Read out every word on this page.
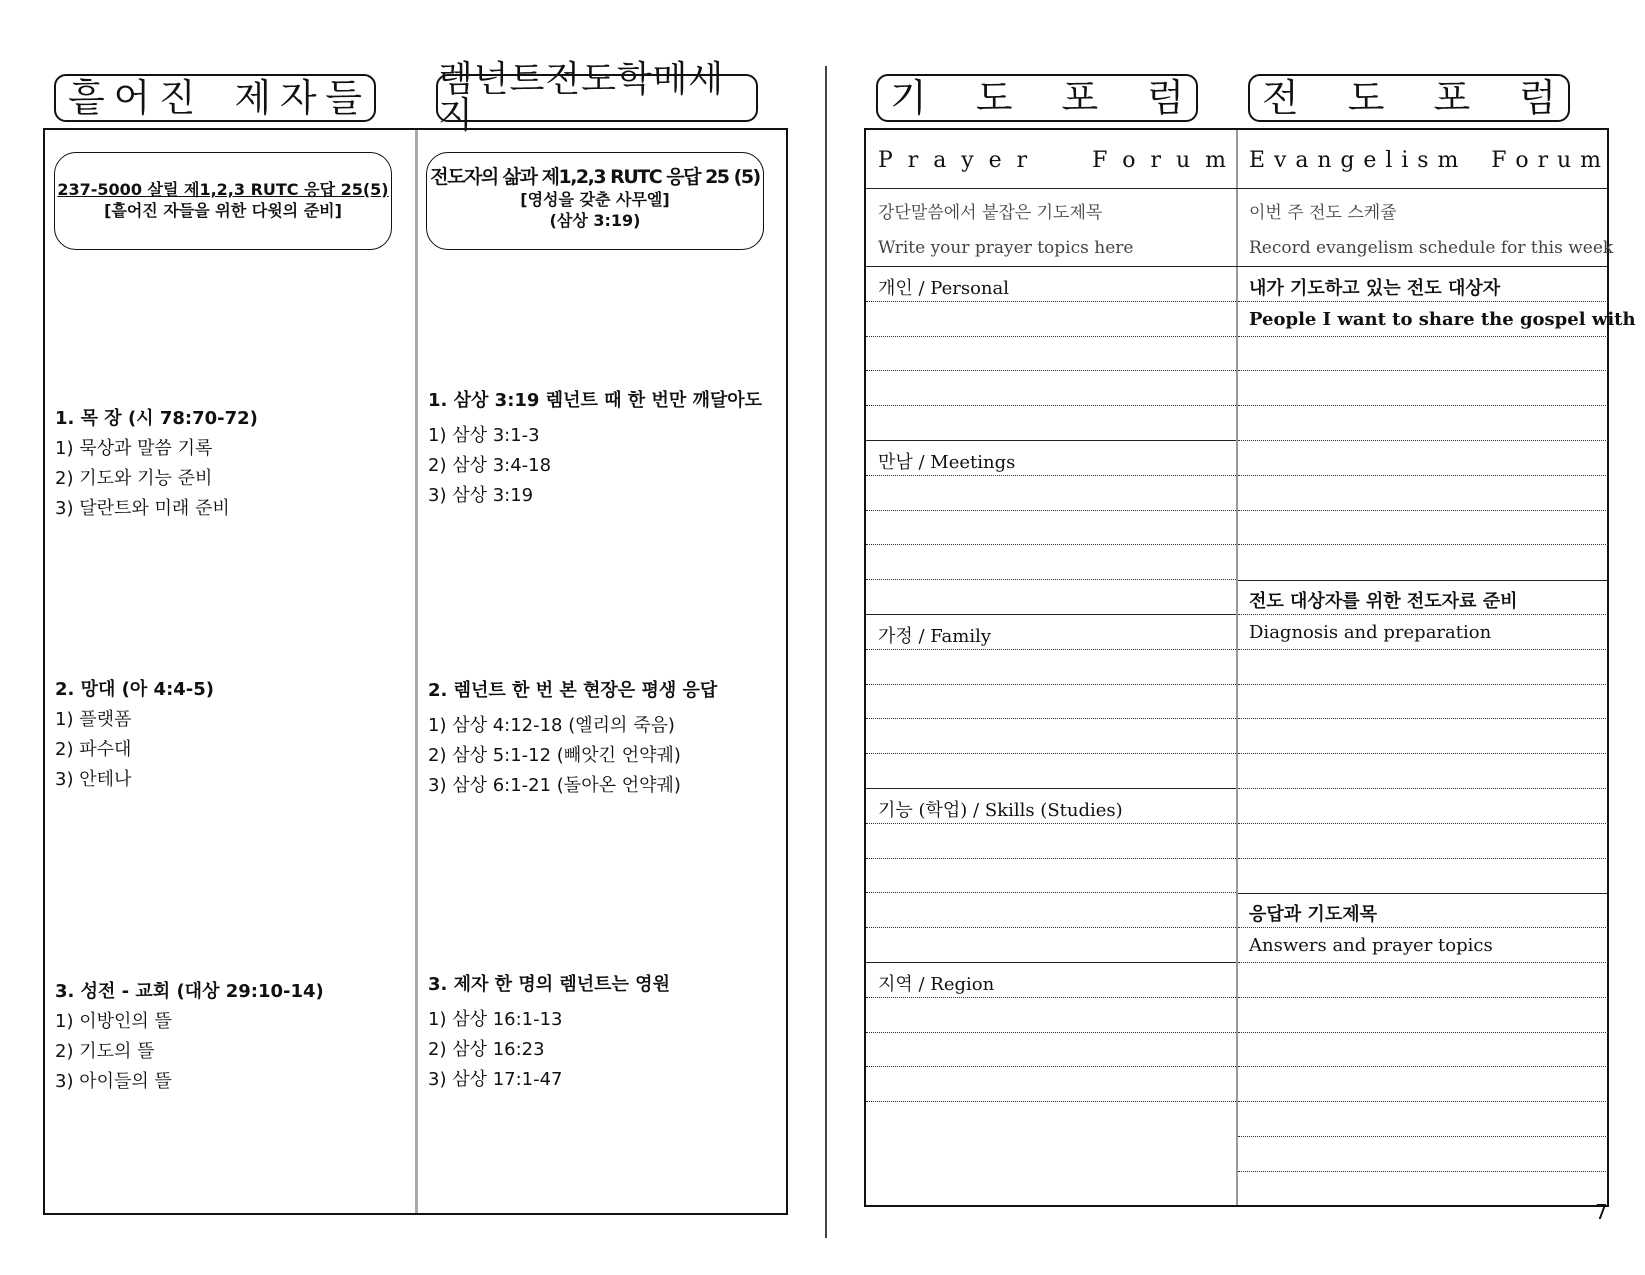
흩 어 진 제 자 들 렘넌트전도학메세지
237-5000 살릴 제1,2,3 RUTC 응답 25(5)
[흩어진 자들을 위한 다윗의 준비]
1. 목 장 (시 78:70-72)
1) 묵상과 말씀 기록
2) 기도와 기능 준비
3) 달란트와 미래 준비
2. 망대 (아 4:4-5)
1) 플랫폼
2) 파수대
3) 안테나
3. 성전 - 교회 (대상 29:10-14)
1) 이방인의 뜰
2) 기도의 뜰
3) 아이들의 뜰
전도자의 삶과 제1,2,3 RUTC 응답 25 (5)
[영성을 갖춘 사무엘]
(삼상 3:19)
1. 삼상 3:19 렘넌트 때 한 번만 깨달아도
1) 삼상 3:1-3
2) 삼상 3:4-18
3) 삼상 3:19
2. 렘넌트 한 번 본 현장은 평생 응답
1) 삼상 4:12-18 (엘리의 죽음)
2) 삼상 5:1-12 (빼앗긴 언약궤)
3) 삼상 6:1-21 (돌아온 언약궤)
3. 제자 한 명의 렘넌트는 영원
1) 삼상 16:1-13
2) 삼상 16:23
3) 삼상 17:1-47
기 도 포 럼 전 도 포 럼
P r a y e r	F o r u m E v a n g e l i s m F o r u m
강단말씀에서 붙잡은 기도제목
Write your prayer topics here
이번 주 전도 스케쥴
Record evangelism schedule for this week
개인 / Personal
만남 / Meetings
가정 / Family
기능 (학업) / Skills (Studies)
지역 / Region
내가 기도하고 있는 전도 대상자
People I want to share the gospel with
전도 대상자를 위한 전도자료 준비
Diagnosis and preparation
응답과 기도제목
Answers and prayer topics
7
